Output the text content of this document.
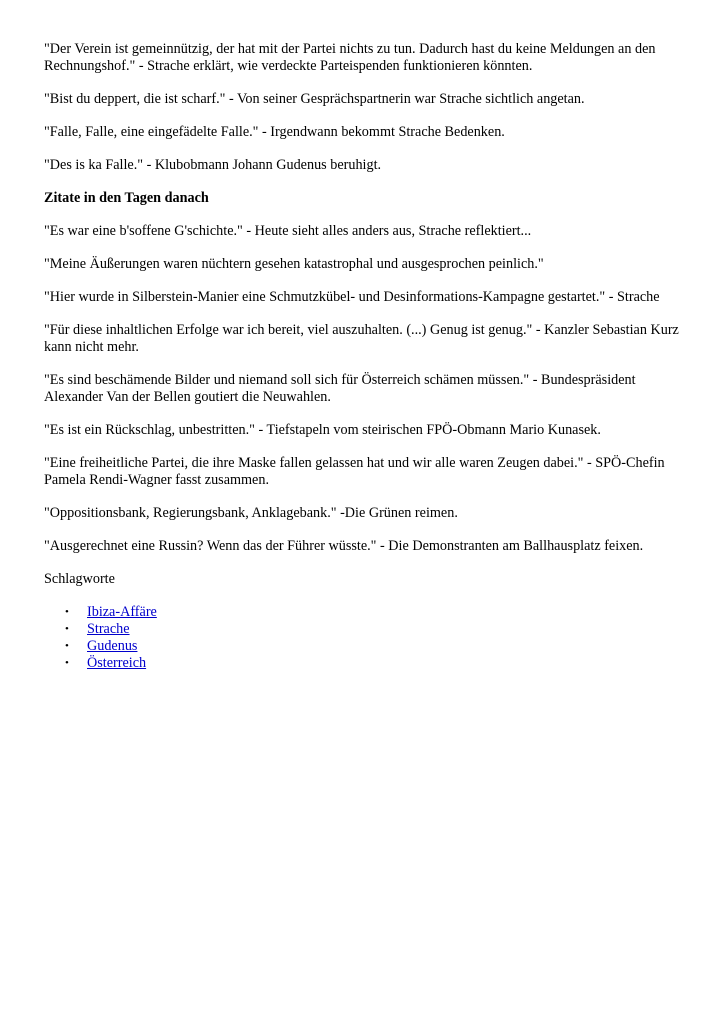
"Der Verein ist gemeinnützig, der hat mit der Partei nichts zu tun. Dadurch hast du keine Meldungen an den Rechnungshof." - Strache erklärt, wie verdeckte Parteispenden funktionieren könnten.

"Bist du deppert, die ist scharf." - Von seiner Gesprächspartnerin war Strache sichtlich angetan.

"Falle, Falle, eine eingefädelte Falle." - Irgendwann bekommt Strache Bedenken.

"Des is ka Falle." - Klubobmann Johann Gudenus beruhigt.

Zitate in den Tagen danach

"Es war eine b'soffene G'schichte." - Heute sieht alles anders aus, Strache reflektiert...

"Meine Äußerungen waren nüchtern gesehen katastrophal und ausgesprochen peinlich."

"Hier wurde in Silberstein-Manier eine Schmutzkübel- und Desinformations-Kampagne gestartet." - Strache

"Für diese inhaltlichen Erfolge war ich bereit, viel auszuhalten. (...) Genug ist genug." - Kanzler Sebastian Kurz kann nicht mehr.

"Es sind beschämende Bilder und niemand soll sich für Österreich schämen müssen." - Bundespräsident Alexander Van der Bellen goutiert die Neuwahlen.

"Es ist ein Rückschlag, unbestritten." - Tiefstapeln vom steirischen FPÖ-Obmann Mario Kunasek.

"Eine freiheitliche Partei, die ihre Maske fallen gelassen hat und wir alle waren Zeugen dabei." - SPÖ-Chefin Pamela Rendi-Wagner fasst zusammen.

"Oppositionsbank, Regierungsbank, Anklagebank." -Die Grünen reimen.

"Ausgerechnet eine Russin? Wenn das der Führer wüsste." - Die Demonstranten am Ballhausplatz feixen.

Schlagworte

• Ibiza-Affäre
• Strache
• Gudenus
• Österreich
